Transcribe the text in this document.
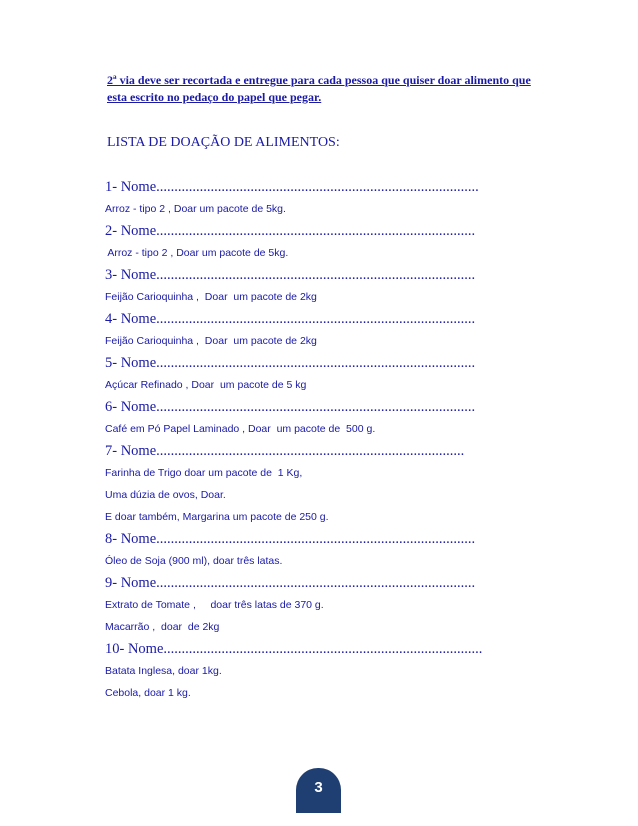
2ª via deve ser recortada e entregue para cada pessoa que quiser doar alimento que esta escrito no pedaço do papel que pegar.
LISTA DE DOAÇÃO DE ALIMENTOS:
1- Nome.........................................................................................
Arroz - tipo 2 , Doar um pacote de 5kg.
2- Nome........................................................................................
Arroz - tipo 2 , Doar um pacote de 5kg.
3- Nome........................................................................................
Feijão Carioquinha ,  Doar  um pacote de 2kg
4- Nome........................................................................................
Feijão Carioquinha ,  Doar  um pacote de 2kg
5- Nome........................................................................................
Açúcar Refinado , Doar  um pacote de 5 kg
6- Nome........................................................................................
Café em Pó Papel Laminado , Doar  um pacote de  500 g.
7- Nome.....................................................................................
Farinha de Trigo doar um pacote de  1 Kg,
Uma dúzia de ovos, Doar.
E doar também, Margarina um pacote de 250 g.
8- Nome........................................................................................
Óleo de Soja (900 ml), doar três latas.
9- Nome........................................................................................
Extrato de Tomate ,     doar três latas de 370 g.
Macarrão ,  doar  de 2kg
10- Nome........................................................................................
Batata Inglesa, doar 1kg.
Cebola, doar 1 kg.
3
